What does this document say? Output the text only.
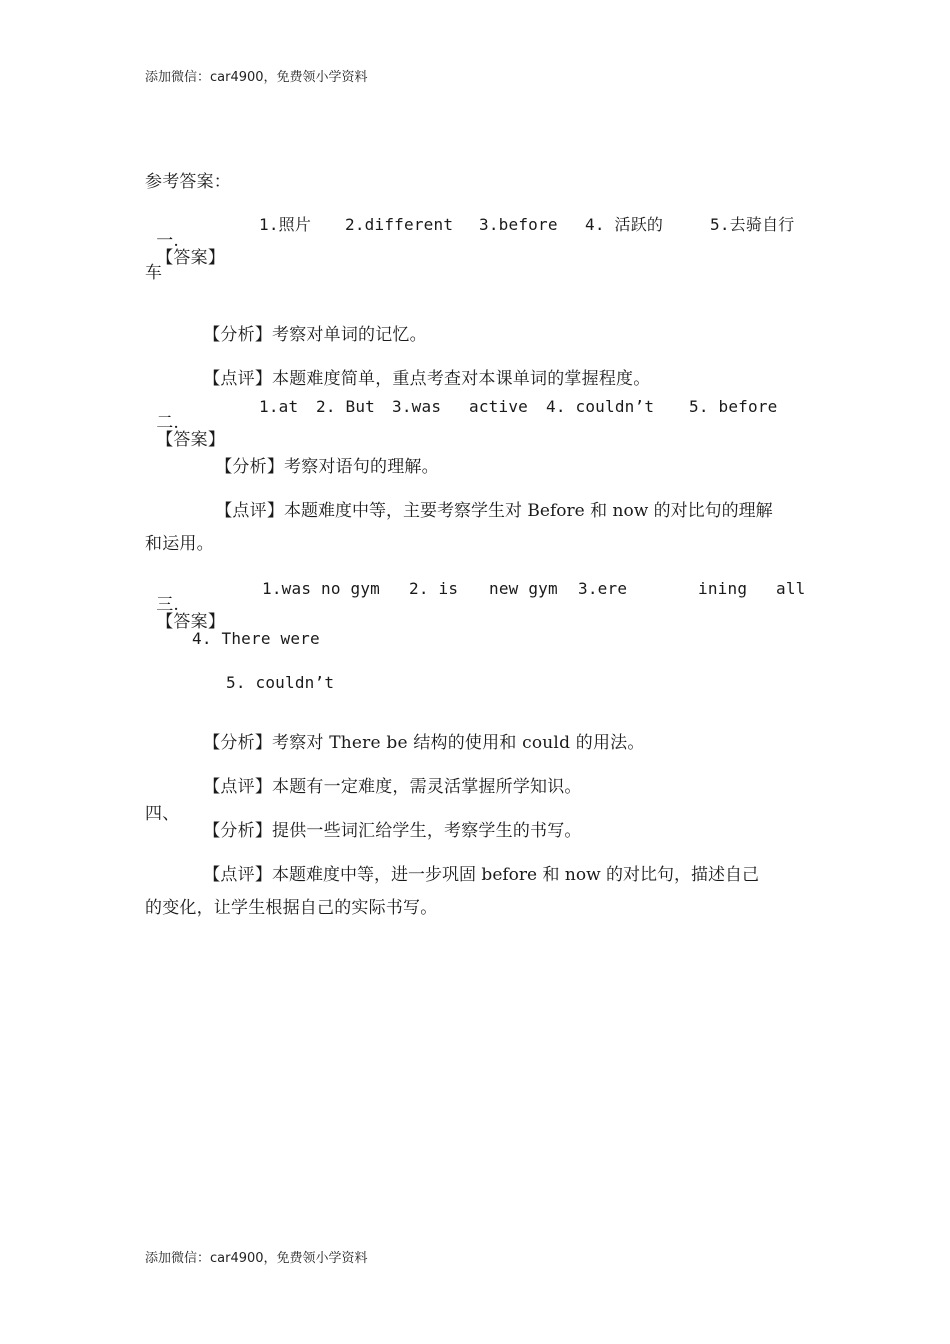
添加微信：car4900，免费领小学资料
参考答案：

一.
【答案】

1.照片 2.different 3.before 4. 活跃的	5.去骑自行
车

【分析】考察对单词的记忆。

【点评】本题难度简单，重点考查对本课单词的掌握程度。

二.
【答案】

1.at 2. But 3.was active 4. couldn’t 5. before

【分析】考察对语句的理解。

【点评】本题难度中等，主要考察学生对 Before 和 now 的对比句的理解

和运用。

三.
【答案】

1.was no gym 2. is new gym 3.ere	ining all
4. There were
5. couldn’t

【分析】考察对 There be 结构的使用和 could 的用法。

【点评】本题有一定难度，需灵活掌握所学知识。

四、

【分析】提供一些词汇给学生，考察学生的书写。

【点评】本题难度中等，进一步巩固 before 和 now 的对比句，描述自己

的变化，让学生根据自己的实际书写。
添加微信：car4900，免费领小学资料
